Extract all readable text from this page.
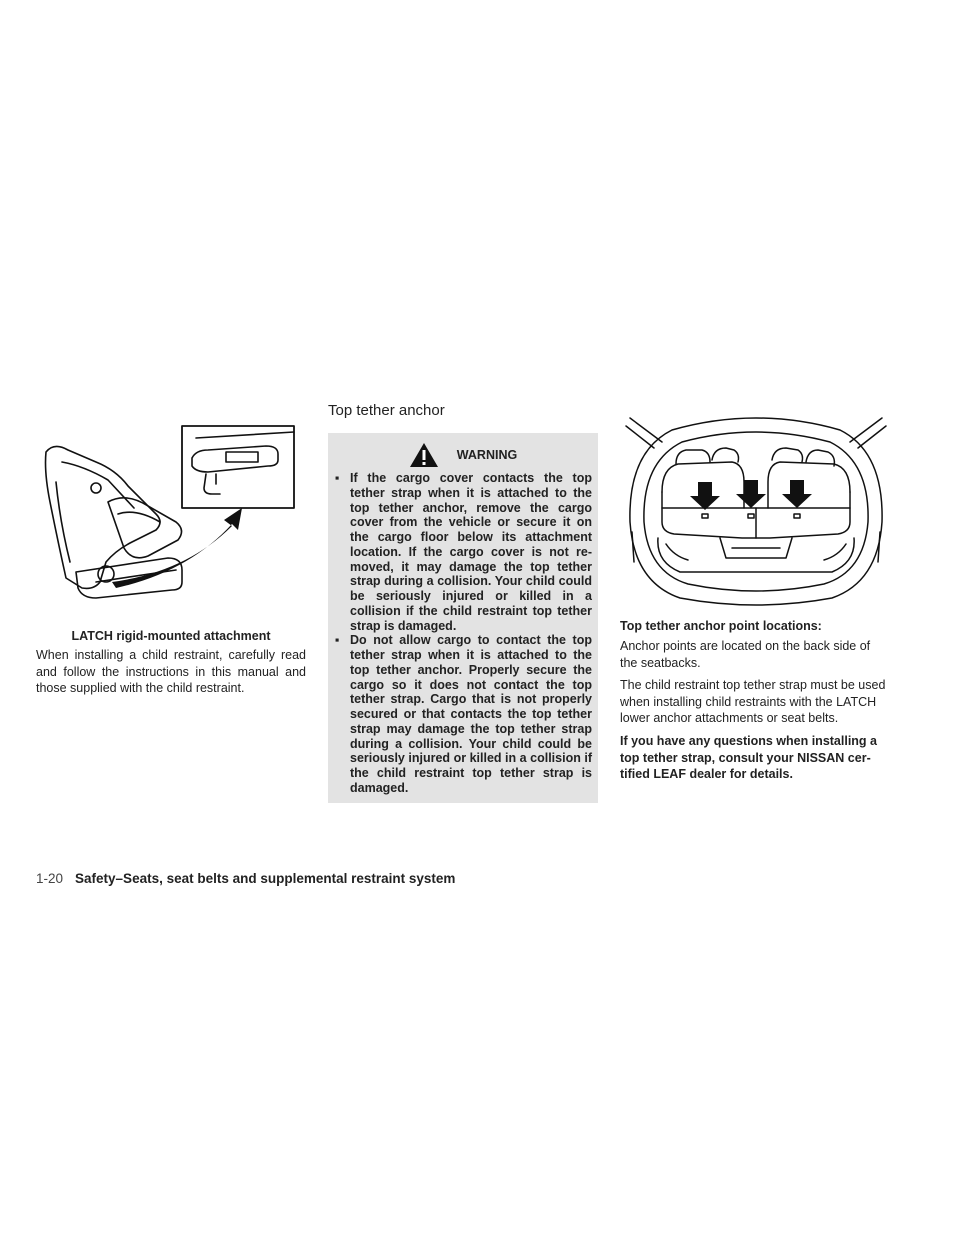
LATCH rigid-mounted attachment
When installing a child restraint, carefully read and follow the instructions in this manual and those supplied with the child restraint.
Top tether anchor
WARNING
▪ If the cargo cover contacts the top tether strap when it is attached to the top tether anchor, remove the cargo cover from the vehicle or secure it on the cargo floor below its attachment location. If the cargo cover is not re-moved, it may damage the top tether strap during a collision. Your child could be seriously injured or killed in a collision if the child restraint top tether strap is damaged.
▪ Do not allow cargo to contact the top tether strap when it is attached to the top tether anchor. Properly secure the cargo so it does not contact the top tether strap. Cargo that is not properly secured or that contacts the top tether strap may damage the top tether strap during a collision. Your child could be seriously injured or killed in a collision if the child restraint top tether strap is damaged.
Top tether anchor point locations:
Anchor points are located on the back side of the seatbacks.
The child restraint top tether strap must be used when installing child restraints with the LATCH lower anchor attachments or seat belts.
If you have any questions when installing a top tether strap, consult your NISSAN cer-tified LEAF dealer for details.
1-20 Safety–Seats, seat belts and supplemental restraint system
